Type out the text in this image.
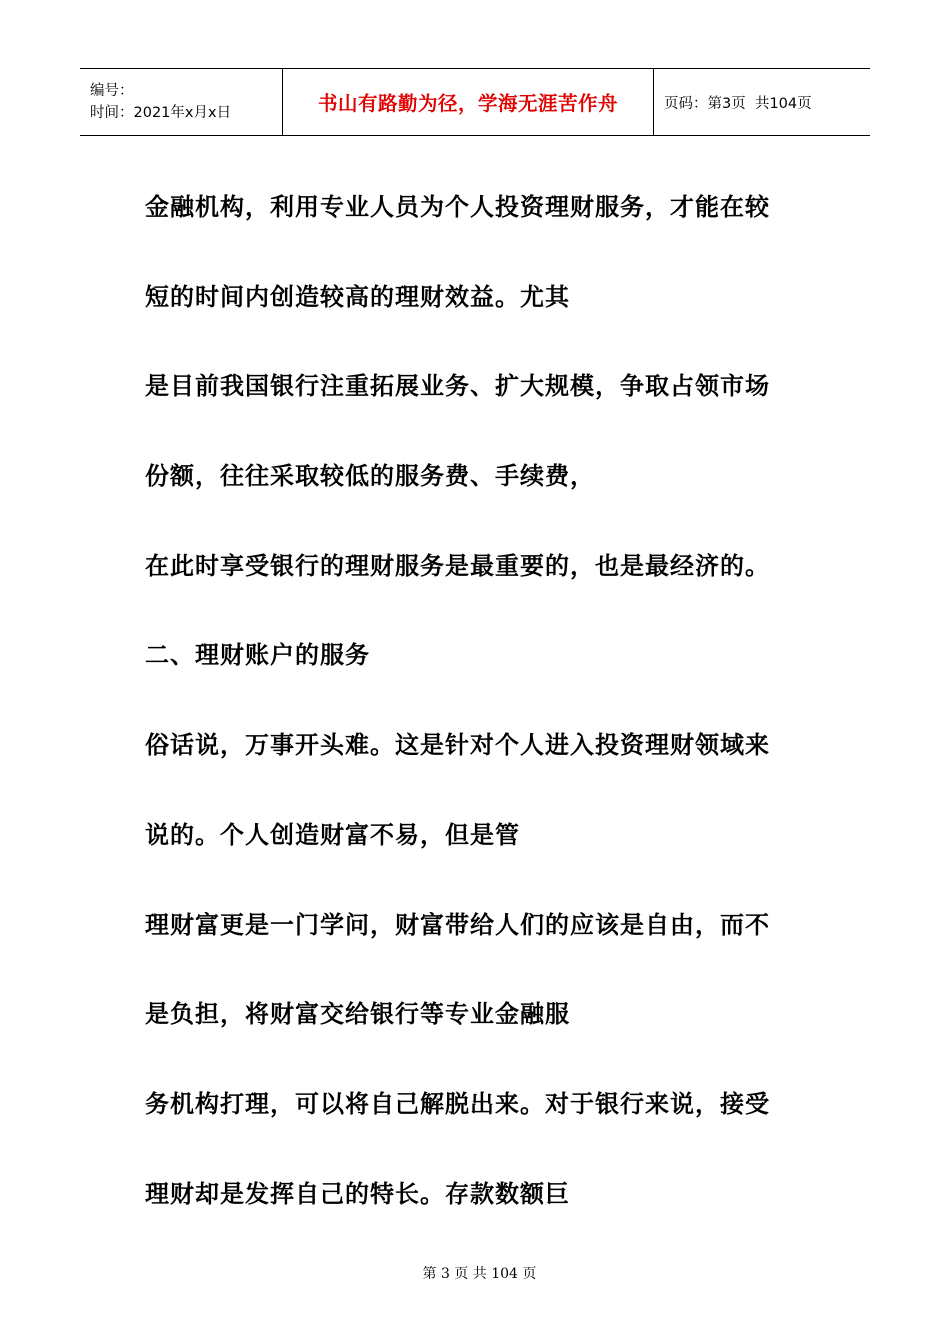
编号：
时间：2021年x月x日	书山有路勤为径，学海无涯苦作舟	页码：第3页  共104页

金融机构，利用专业人员为个人投资理财服务，才能在较

短的时间内创造较高的理财效益。尤其

是目前我国银行注重拓展业务、扩大规模，争取占领市场

份额，往往采取较低的服务费、手续费，

在此时享受银行的理财服务是最重要的，也是最经济的。

二、理财账户的服务

俗话说，万事开头难。这是针对个人进入投资理财领域来

说的。个人创造财富不易，但是管

理财富更是一门学问，财富带给人们的应该是自由，而不

是负担，将财富交给银行等专业金融服

务机构打理，可以将自己解脱出来。对于银行来说，接受

理财却是发挥自己的特长。存款数额巨

第 3 页 共 104 页
